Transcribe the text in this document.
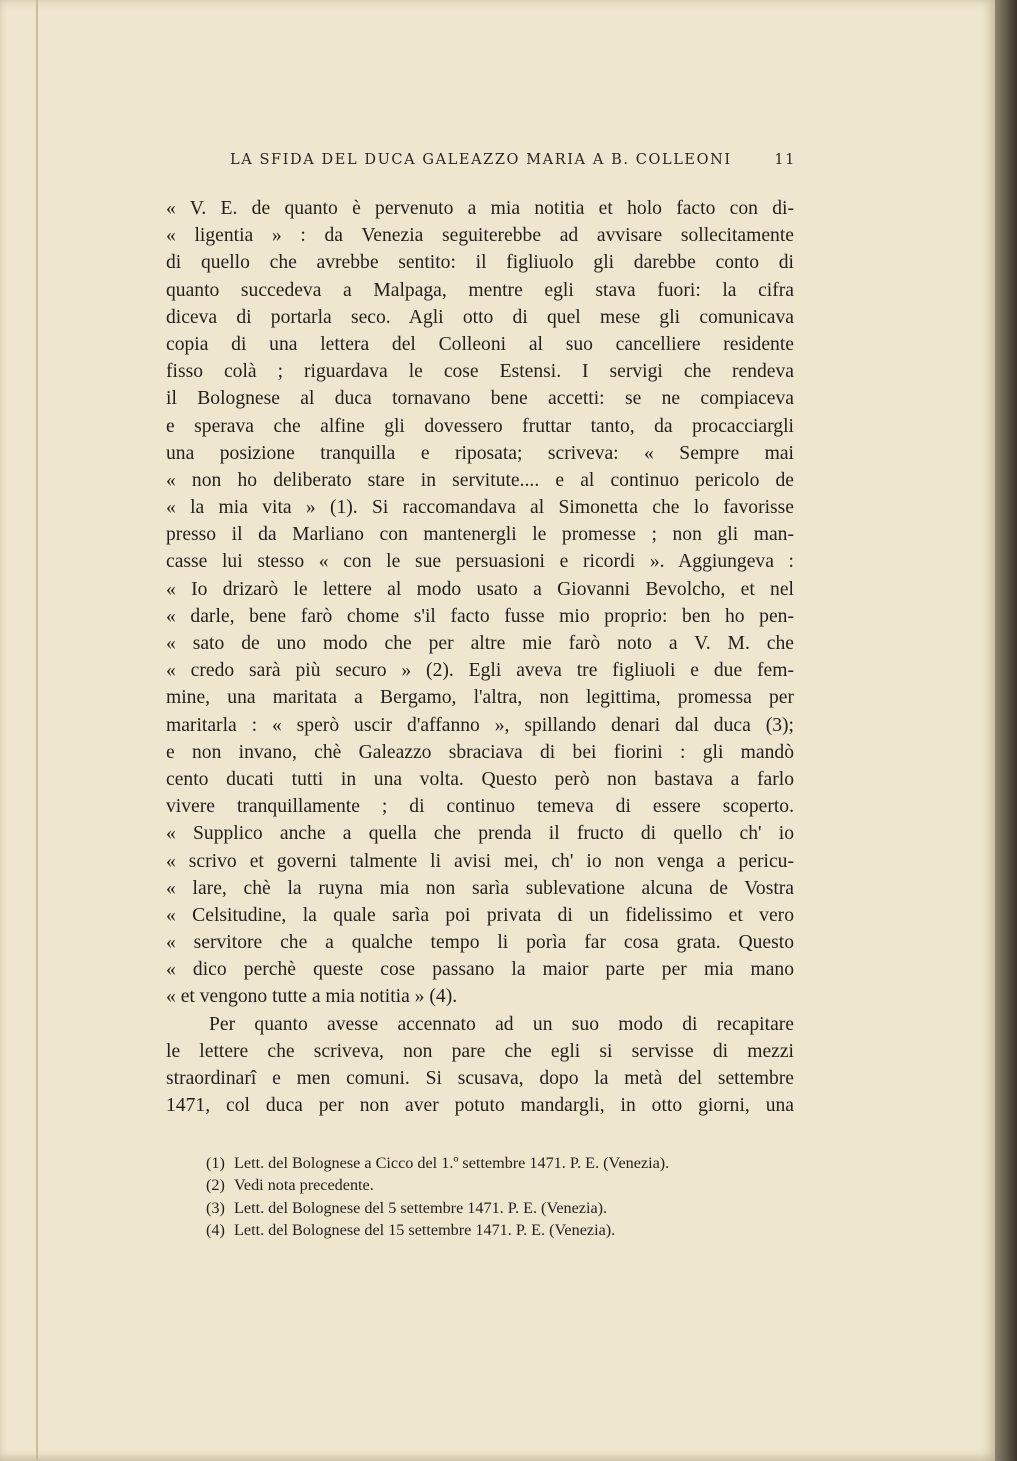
LA SFIDA DEL DUCA GALEAZZO MARIA A B. COLLEONI	11
« V. E. de quanto è pervenuto a mia notitia et holo facto con di-
« ligentia » : da Venezia seguiterebbe ad avvisare sollecitamente
di quello che avrebbe sentito: il figliuolo gli darebbe conto di
quanto succedeva a Malpaga, mentre egli stava fuori: la cifra
diceva di portarla seco. Agli otto di quel mese gli comunicava
copia di una lettera del Colleoni al suo cancelliere residente
fisso colà ; riguardava le cose Estensi. I servigi che rendeva
il Bolognese al duca tornavano bene accetti: se ne compiaceva
e sperava che alfine gli dovessero fruttar tanto, da procacciargli
una posizione tranquilla e riposata; scriveva: « Sempre mai
« non ho deliberato stare in servitute.... e al continuo pericolo de
« la mia vita » (1). Si raccomandava al Simonetta che lo favorisse
presso il da Marliano con mantenergli le promesse ; non gli man-
casse lui stesso « con le sue persuasioni e ricordi ». Aggiungeva :
« Io drizarò le lettere al modo usato a Giovanni Bevolcho, et nel
« darle, bene farò chome s'il facto fusse mio proprio: ben ho pen-
« sato de uno modo che per altre mie farò noto a V. M. che
« credo sarà più securo » (2). Egli aveva tre figliuoli e due fem-
mine, una maritata a Bergamo, l'altra, non legittima, promessa per
maritarla : « sperò uscir d'affanno », spillando denari dal duca (3);
e non invano, chè Galeazzo sbraciava di bei fiorini : gli mandò
cento ducati tutti in una volta. Questo però non bastava a farlo
vivere tranquillamente ; di continuo temeva di essere scoperto.
« Supplico anche a quella che prenda il fructo di quello ch' io
« scrivo et governi talmente li avisi mei, ch' io non venga a pericu-
« lare, chè la ruyna mia non sarìa sublevatione alcuna de Vostra
« Celsitudine, la quale sarìa poi privata di un fidelissimo et vero
« servitore che a qualche tempo li porìa far cosa grata. Questo
« dico perchè queste cose passano la maior parte per mia mano
« et vengono tutte a mia notitia » (4).
Per quanto avesse accennato ad un suo modo di recapitare
le lettere che scriveva, non pare che egli si servisse di mezzi
straordinarî e men comuni. Si scusava, dopo la metà del settembre
1471, col duca per non aver potuto mandargli, in otto giorni, una
(1) Lett. del Bolognese a Cicco del 1.º settembre 1471. P. E. (Venezia).
(2) Vedi nota precedente.
(3) Lett. del Bolognese del 5 settembre 1471. P. E. (Venezia).
(4) Lett. del Bolognese del 15 settembre 1471. P. E. (Venezia).
